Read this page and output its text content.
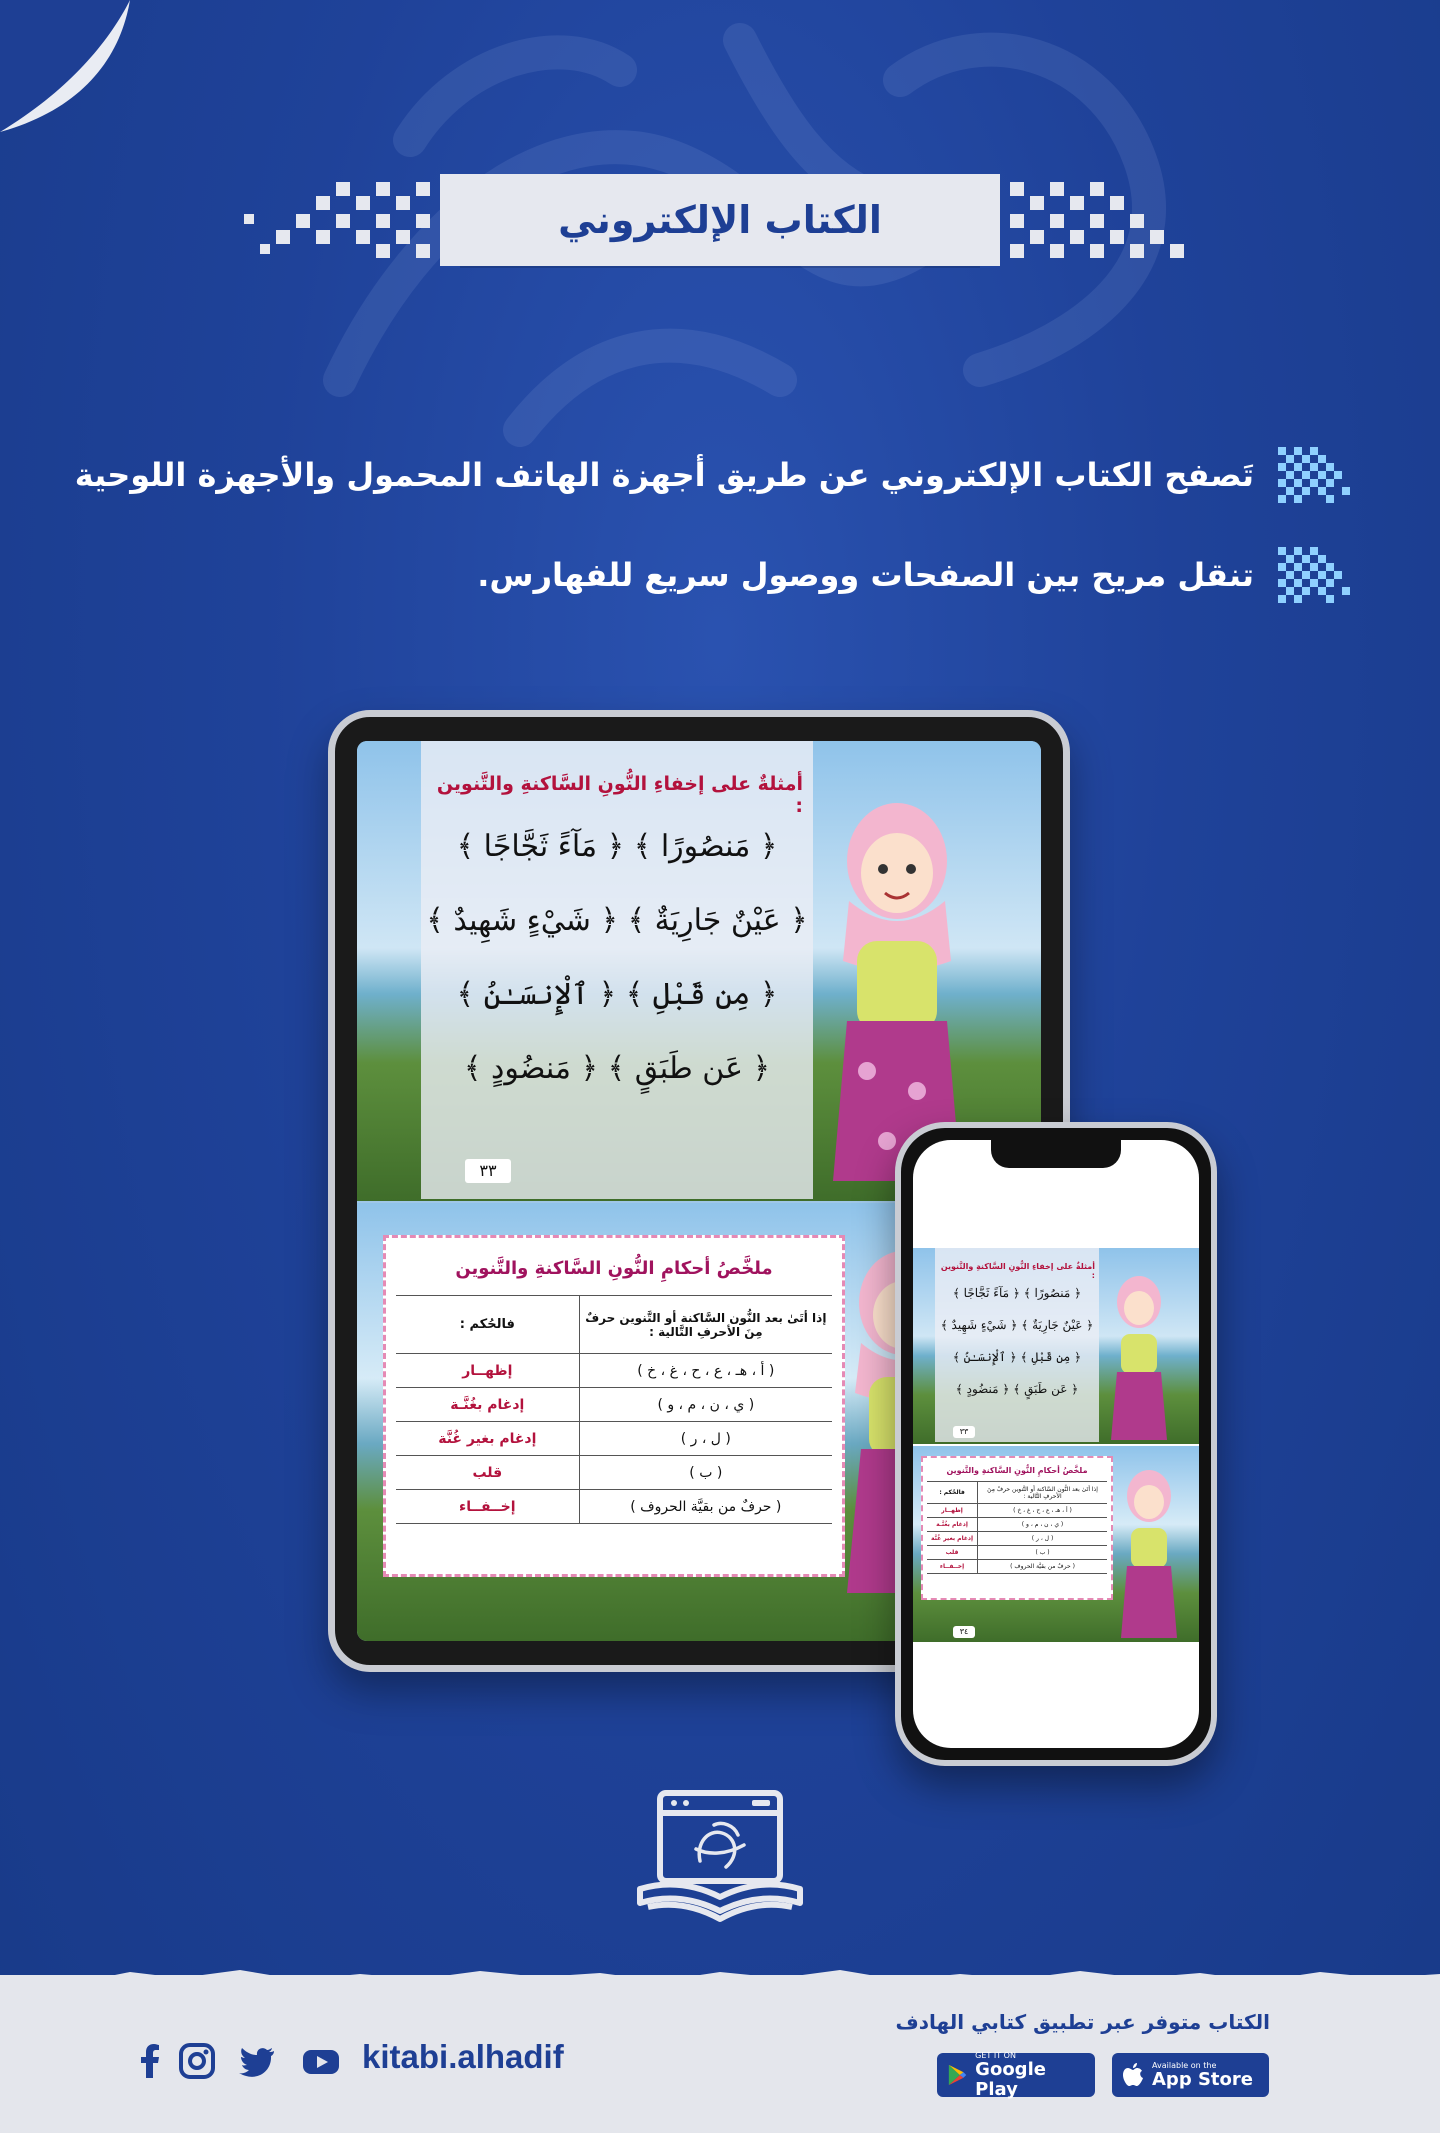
الكتاب الإلكتروني
تَصفح الكتاب الإلكتروني عن طريق أجهزة الهاتف المحمول والأجهزة اللوحية
تنقل مريح بين الصفحات ووصول سريع للفهارس.
أمثلةٌ على إخفاءِ النُّونِ السَّاكنةِ والتَّنوين :
﴿ مَنصُورًا ﴾ ﴿ مَآءً ثَجَّاجًا ﴾
﴿ عَيْنٌ جَارِيَةٌ ﴾ ﴿ شَيْءٍ شَهِيدٌ ﴾
﴿ مِن قَبْلِ ﴾ ﴿ ٱلْإِنسَـٰنُ ﴾
﴿ عَن طَبَقٍ ﴾ ﴿ مَنضُودٍ ﴾
٣٣
ملخَّصُ أحكامِ النُّونِ السَّاكنةِ والتَّنوين
إذا أتَىٰ بعد النُّون السَّاكنة أو التَّنوين حرفٌ مِنَ الأحرفِ التَّالية :	فالحُكم :
( أ ، هـ ، ع ، ح ، غ ، خ )	إظهــار
( ي ، ن ، م ، و )	إدغام بغُنَّـة
( ل ، ر )	إدغام بغير غُنَّة
( ب )	قلب
( حرفٌ من بقيَّة الحروف )	إخــفــاء
أمثلةٌ على إخفاءِ النُّونِ السَّاكنةِ والتَّنوين :
﴿ مَنصُورًا ﴾ ﴿ مَآءً ثَجَّاجًا ﴾
﴿ عَيْنٌ جَارِيَةٌ ﴾ ﴿ شَيْءٍ شَهِيدٌ ﴾
﴿ مِن قَبْلِ ﴾ ﴿ ٱلْإِنسَـٰنُ ﴾
﴿ عَن طَبَقٍ ﴾ ﴿ مَنضُودٍ ﴾
٣٣
ملخَّصُ أحكامِ النُّونِ السَّاكنةِ والتَّنوين
إذا أتَىٰ بعد النُّون السَّاكنة أو التَّنوين حرفٌ مِنَ الأحرفِ التَّالية :	فالحُكم :
( أ ، هـ ، ع ، ح ، غ ، خ )	إظهــار
( ي ، ن ، م ، و )	إدغام بغُنَّـة
( ل ، ر )	إدغام بغير غُنَّة
( ب )	قلب
( حرفٌ من بقيَّة الحروف )	إخــفــاء
٣٤
الكتاب متوفر عبر تطبيق كتابي الهادف
GET IT ON
Google Play
Available on the
App Store
kitabi.alhadif
